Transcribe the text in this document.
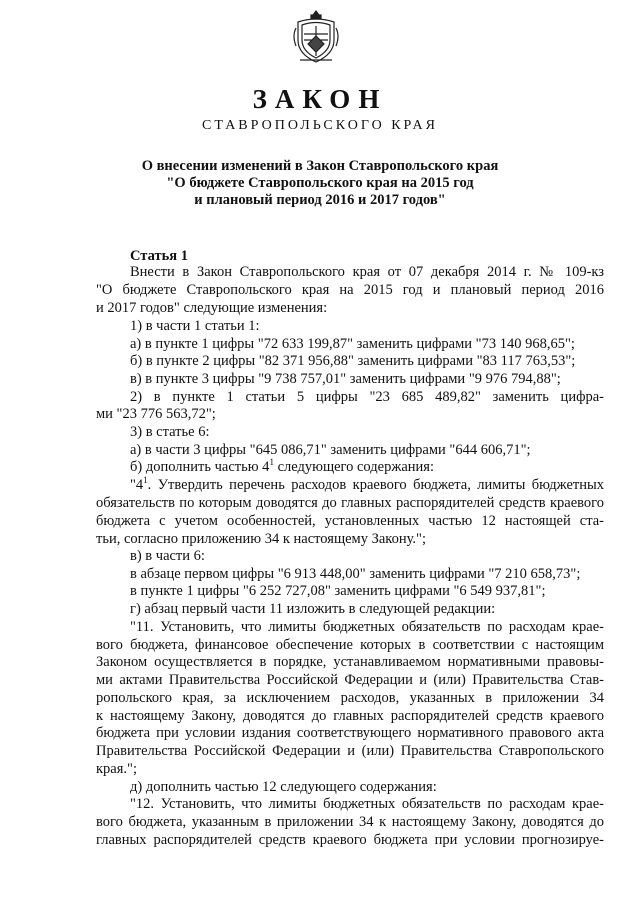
ЗАКОН
СТАВРОПОЛЬСКОГО КРАЯ
О внесении изменений в Закон Ставропольского края
"О бюджете Ставропольского края на 2015 год
и плановый период 2016 и 2017 годов"
Статья 1
Внести в Закон Ставропольского края от 07 декабря 2014 г. № 109-кз
"О бюджете Ставропольского края на 2015 год и плановый период 2016
и 2017 годов" следующие изменения:
1) в части 1 статьи 1:
а) в пункте 1 цифры "72 633 199,87" заменить цифрами "73 140 968,65";
б) в пункте 2 цифры "82 371 956,88" заменить цифрами "83 117 763,53";
в) в пункте 3 цифры "9 738 757,01" заменить цифрами "9 976 794,88";
2) в пункте 1 статьи 5 цифры "23 685 489,82" заменить цифра-
ми "23 776 563,72";
3) в статье 6:
а) в части 3 цифры "645 086,71" заменить цифрами "644 606,71";
б) дополнить частью $4^1$ следующего содержания:
"$4^1$. Утвердить перечень расходов краевого бюджета, лимиты бюджетных
обязательств по которым доводятся до главных распорядителей средств краевого
бюджета с учетом особенностей, установленных частью 12 настоящей ста-
тьи, согласно приложению 34 к настоящему Закону.";
в) в части 6:
в абзаце первом цифры "6 913 448,00" заменить цифрами "7 210 658,73";
в пункте 1 цифры "6 252 727,08" заменить цифрами "6 549 937,81";
г) абзац первый части 11 изложить в следующей редакции:
"11. Установить, что лимиты бюджетных обязательств по расходам крае-
вого бюджета, финансовое обеспечение которых в соответствии с настоящим
Законом осуществляется в порядке, устанавливаемом нормативными правовы-
ми актами Правительства Российской Федерации и (или) Правительства Став-
ропольского края, за исключением расходов, указанных в приложении 34
к настоящему Закону, доводятся до главных распорядителей средств краевого
бюджета при условии издания соответствующего нормативного правового акта
Правительства Российской Федерации и (или) Правительства Ставропольского
края.";
д) дополнить частью 12 следующего содержания:
"12. Установить, что лимиты бюджетных обязательств по расходам крае-
вого бюджета, указанным в приложении 34 к настоящему Закону, доводятся до
главных распорядителей средств краевого бюджета при условии прогнозируе-
